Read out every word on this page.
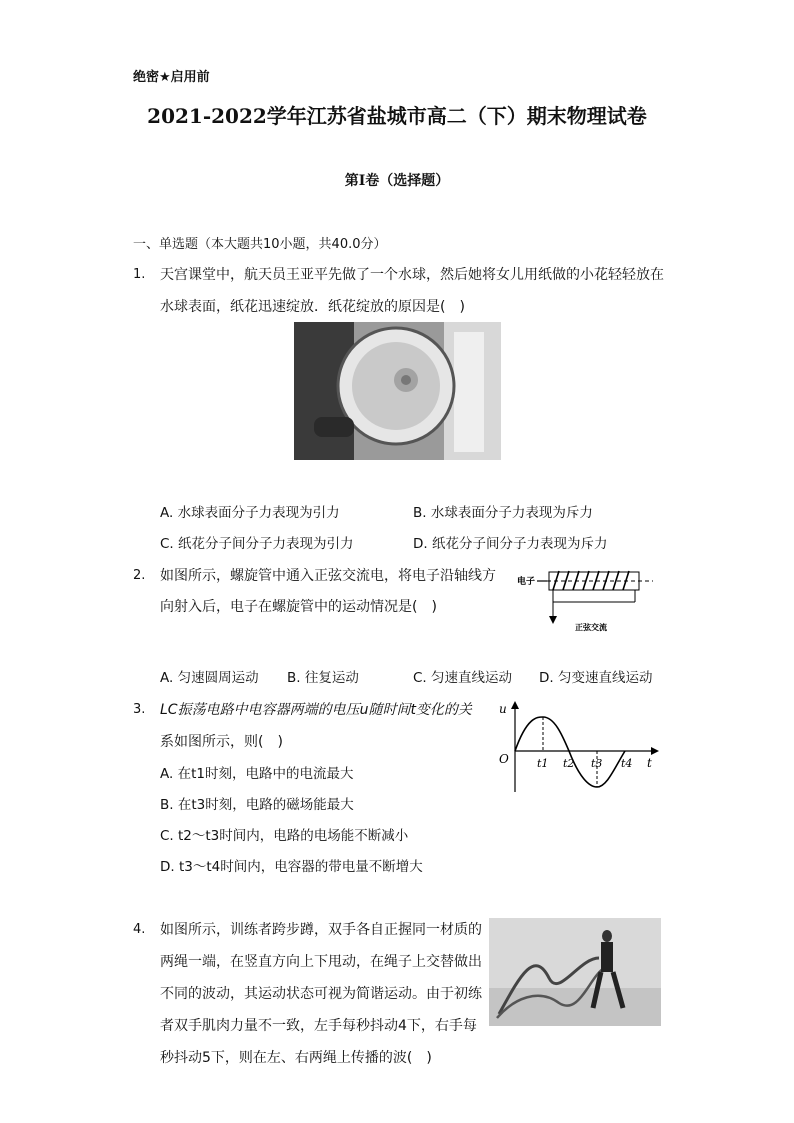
绝密★启用前
2021-2022学年江苏省盐城市高二（下）期末物理试卷
第I卷（选择题）
一、单选题（本大题共10小题，共40.0分）
1. 天宫课堂中，航天员王亚平先做了一个水球，然后她将女儿用纸做的小花轻轻放在
水球表面，纸花迅速绽放．纸花绽放的原因是(　)
A. 水球表面分子力表现为引力	B. 水球表面分子力表现为斥力
C. 纸花分子间分子力表现为引力	D. 纸花分子间分子力表现为斥力
2. 如图所示，螺旋管中通入正弦交流电，将电子沿轴线方
向射入后，电子在螺旋管中的运动情况是(　)
电子
正弦交流
A. 匀速圆周运动 B. 往复运动	C. 匀速直线运动 D. 匀变速直线运动
3. LC振荡电路中电容器两端的电压u随时间t变化的关
系如图所示，则(　)
A. 在t1时刻，电路中的电流最大
B. 在t3时刻，电路的磁场能最大
C. t2～t3时间内，电路的电场能不断减小
D. t3～t4时间内，电容器的带电量不断增大
u
t
O	t1 t2 t3 t4
4. 如图所示，训练者跨步蹲，双手各自正握同一材质的
两绳一端，在竖直方向上下甩动，在绳子上交替做出
不同的波动，其运动状态可视为简谐运动。由于初练
者双手肌肉力量不一致，左手每秒抖动4下，右手每
秒抖动5下，则在左、右两绳上传播的波(　)
